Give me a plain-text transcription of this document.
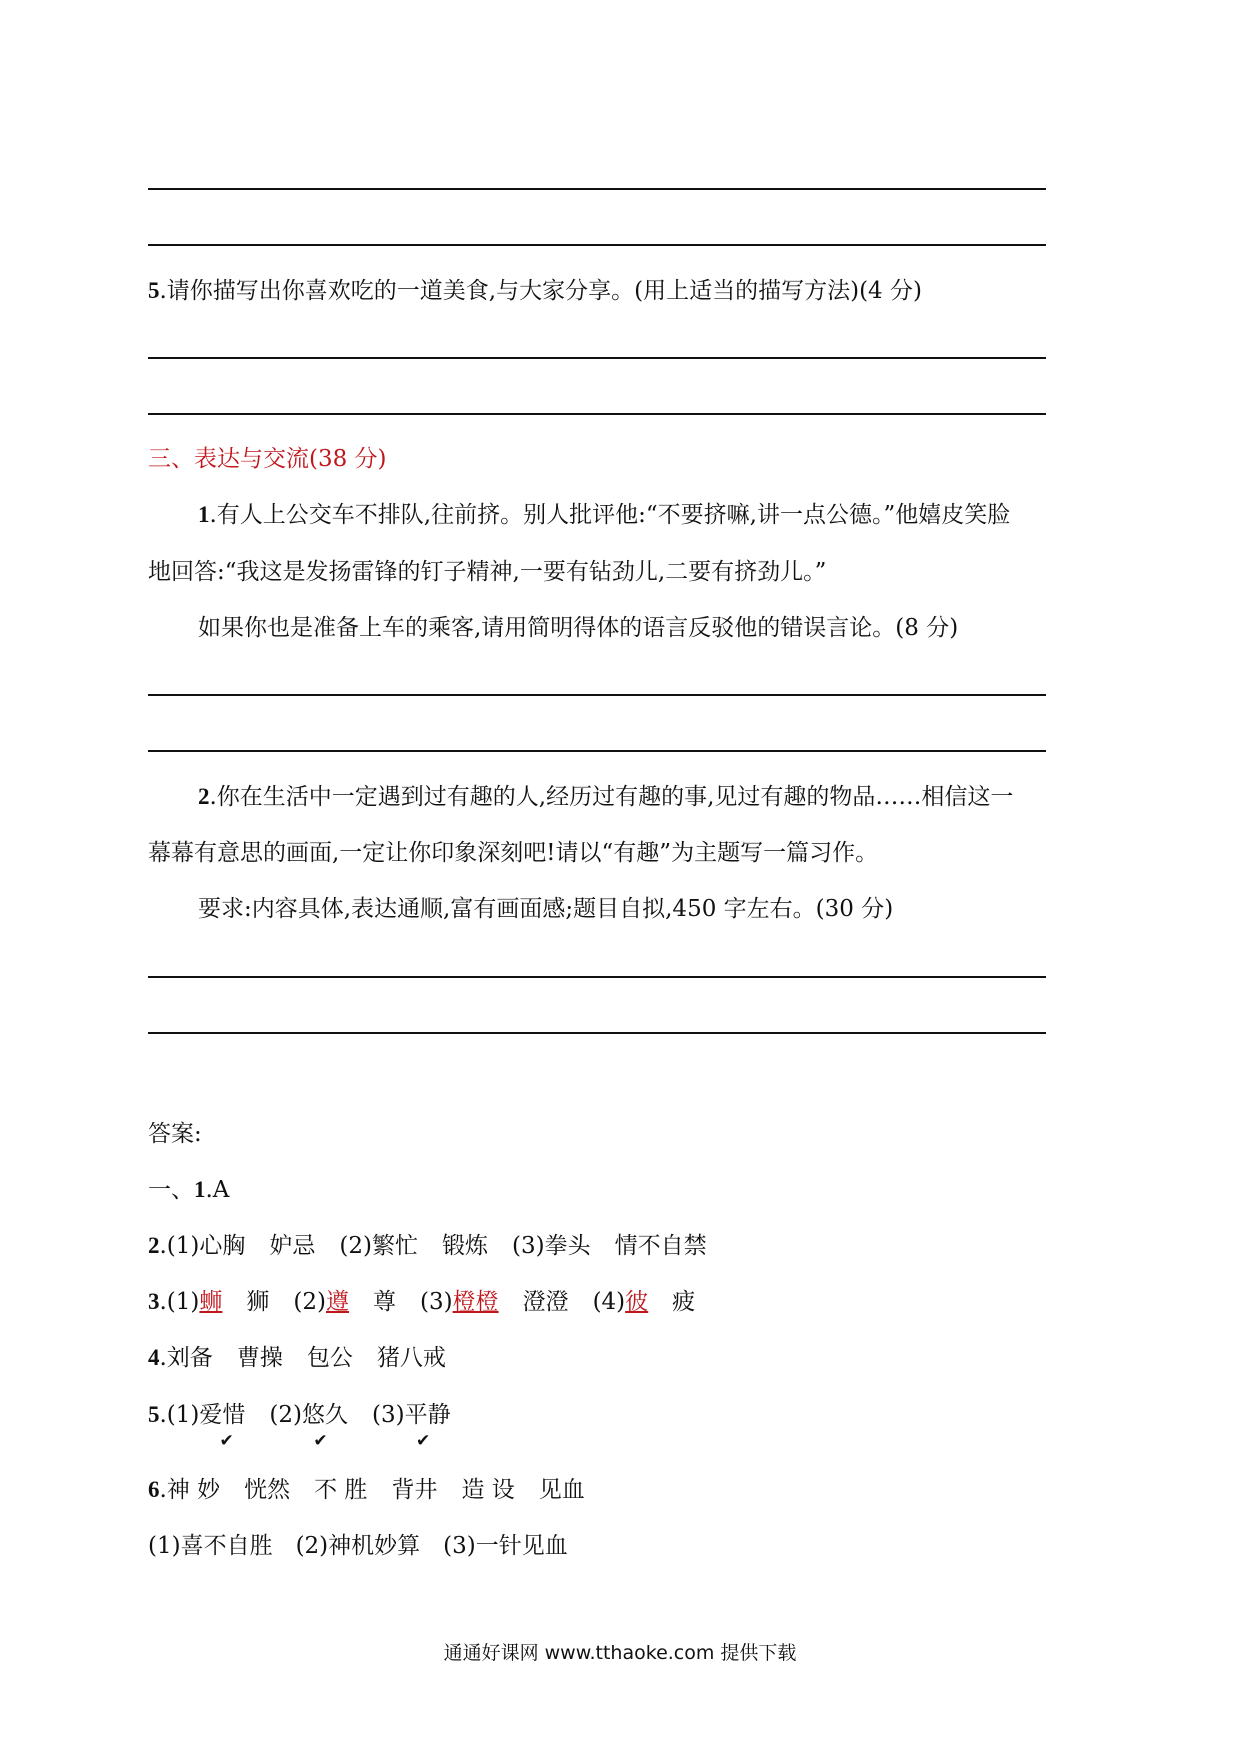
5.请你描写出你喜欢吃的一道美食,与大家分享。(用上适当的描写方法)(4 分)
三、表达与交流(38 分)
1.有人上公交车不排队,往前挤。别人批评他:“不要挤嘛,讲一点公德。”他嬉皮笑脸
地回答:“我这是发扬雷锋的钉子精神,一要有钻劲儿,二要有挤劲儿。”
如果你也是准备上车的乘客,请用简明得体的语言反驳他的错误言论。(8 分)
2.你在生活中一定遇到过有趣的人,经历过有趣的事,见过有趣的物品……相信这一
幕幕有意思的画面,一定让你印象深刻吧!请以“有趣”为主题写一篇习作。
要求:内容具体,表达通顺,富有画面感;题目自拟,450 字左右。(30 分)
答案:
一、1.A
2.(1)心胸 妒忌 (2)繁忙 锻炼 (3)拳头 情不自禁
3.(1)蛳 狮 (2)遵 尊 (3)橙橙 澄澄 (4)彼 疲
4.刘备 曹操 包公 猪八戒
5.(1)爱惜
✔
(2)悠久
✔
(3)平静
✔
6.神 妙 恍然 不 胜 背井 造 设 见血
(1)喜不自胜　(2)神机妙算　(3)一针见血
通通好课网 www.tthaoke.com 提供下载
